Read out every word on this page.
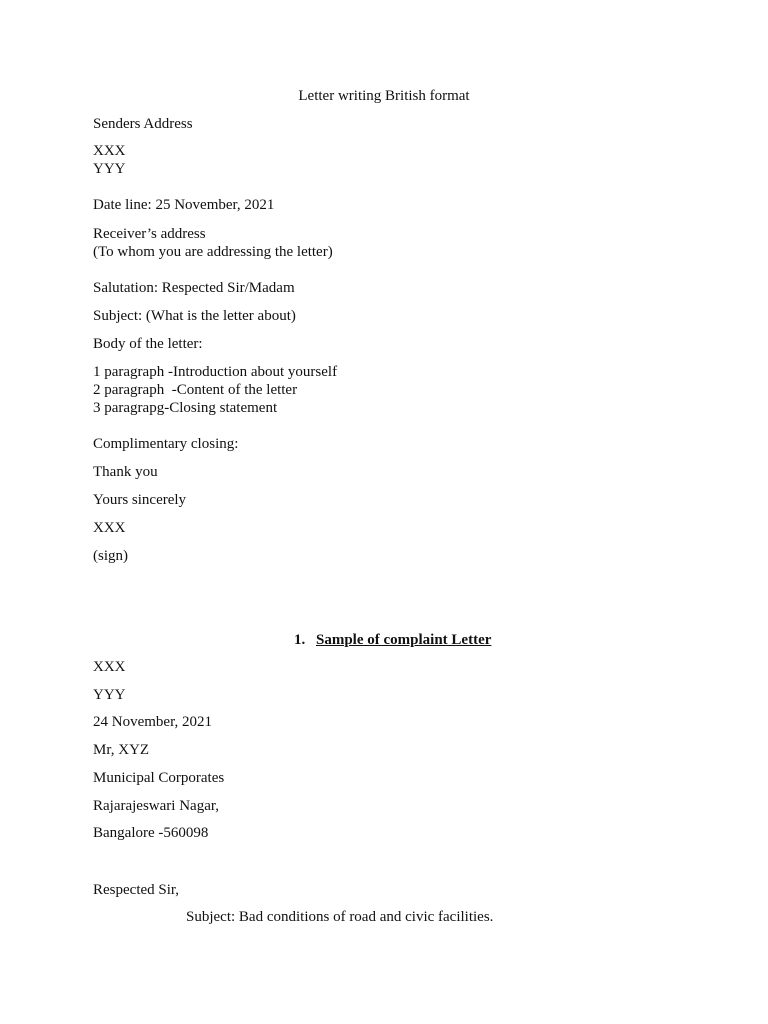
Letter writing British format
Senders Address
XXX
YYY
Date line: 25 November, 2021
Receiver’s address
(To whom you are addressing the letter)
Salutation: Respected Sir/Madam
Subject: (What is the letter about)
Body of the letter:
1 paragraph -Introduction about yourself
2 paragraph  -Content of the letter
3 paragrapg-Closing statement
Complimentary closing:
Thank you
Yours sincerely
XXX
(sign)
1. Sample of complaint Letter
XXX
YYY
24 November, 2021
Mr, XYZ
Municipal Corporates
Rajarajeswari Nagar,
Bangalore -560098
Respected Sir,
Subject: Bad conditions of road and civic facilities.
